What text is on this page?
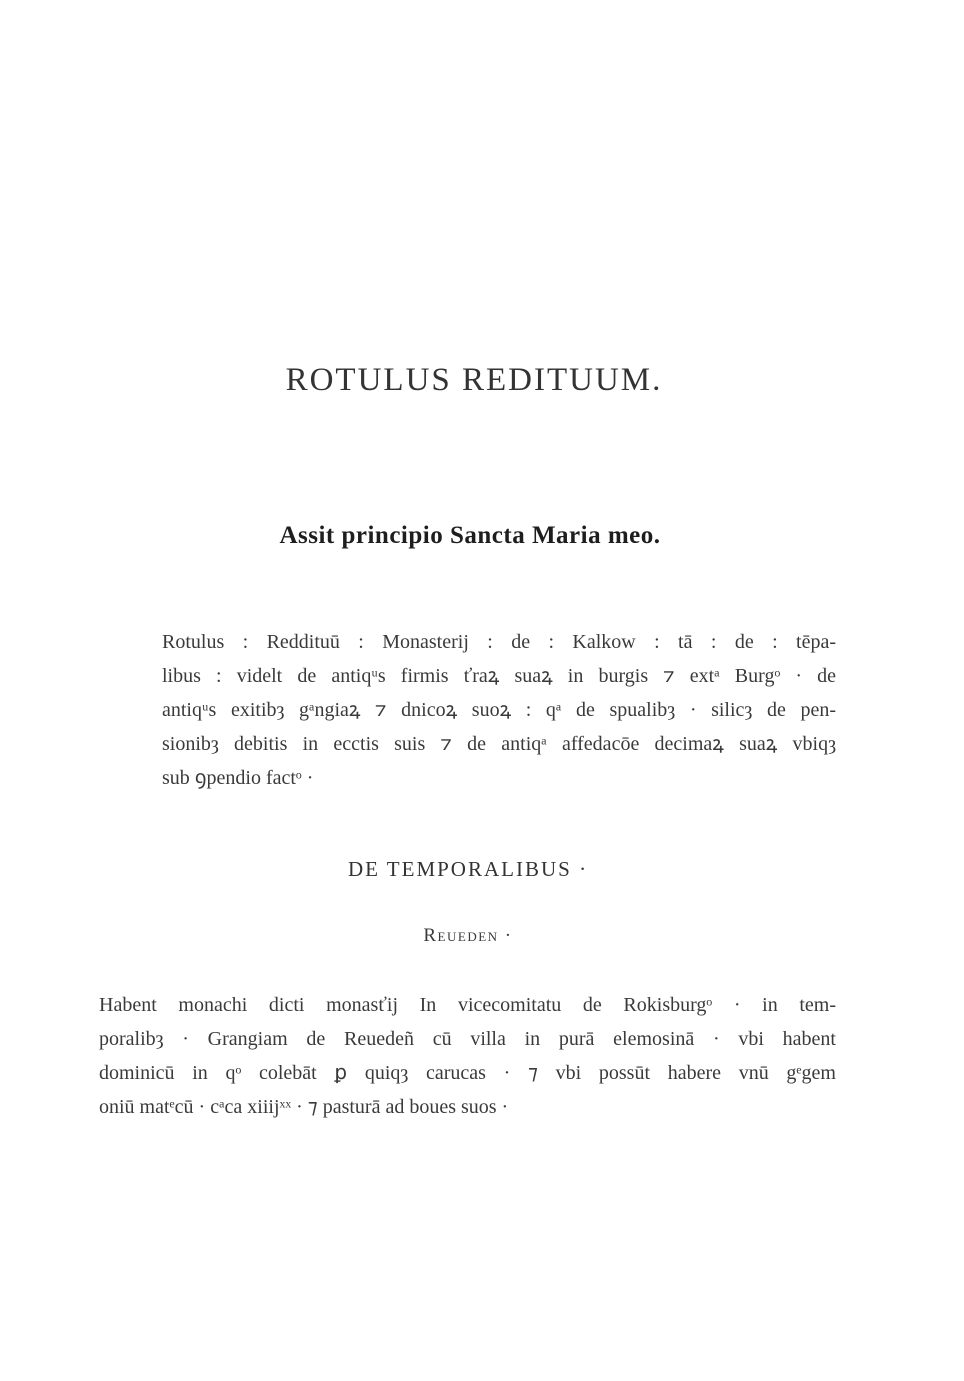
ROTULUS REDITUUM.
Assit principio Sancta Maria meo.
Rotulus : Reddituū : Monasterij : de : Kalkow : tā : de : tēpa-
libus : videlt de antiqᵘs firmis ťraꝝ suaꝝ in burgis ⁊ extᵃ Burgᵒ · de
antiqᵘs exitibȝ gᵃngiaꝝ ⁊ dnicoꝝ suoꝝ : qᵃ de spualibȝ · silicȝ de pen-
sionibȝ debitis in ecctis suis ⁊ de antiqᵃ affedacōe decimaꝝ suaꝝ vbiqȝ
sub ꝯpendio factᵒ ·
DE TEMPORALIBUS ·
Reueden ·
Habent monachi dicti monasťij In vicecomitatu de Rokisburgᵒ · in tem-
poralibȝ · Grangiam de Reuedeñ cū villa in purā elemosinā · vbi habent
dominicū in qᵒ colebāt ꝑ quiqȝ carucas · ⁊ vbi possūt habere vnū gᵉgem
oniū matᵉcū · cᵃca xiiijˣˣ · ⁊ pasturā ad boues suos ·
